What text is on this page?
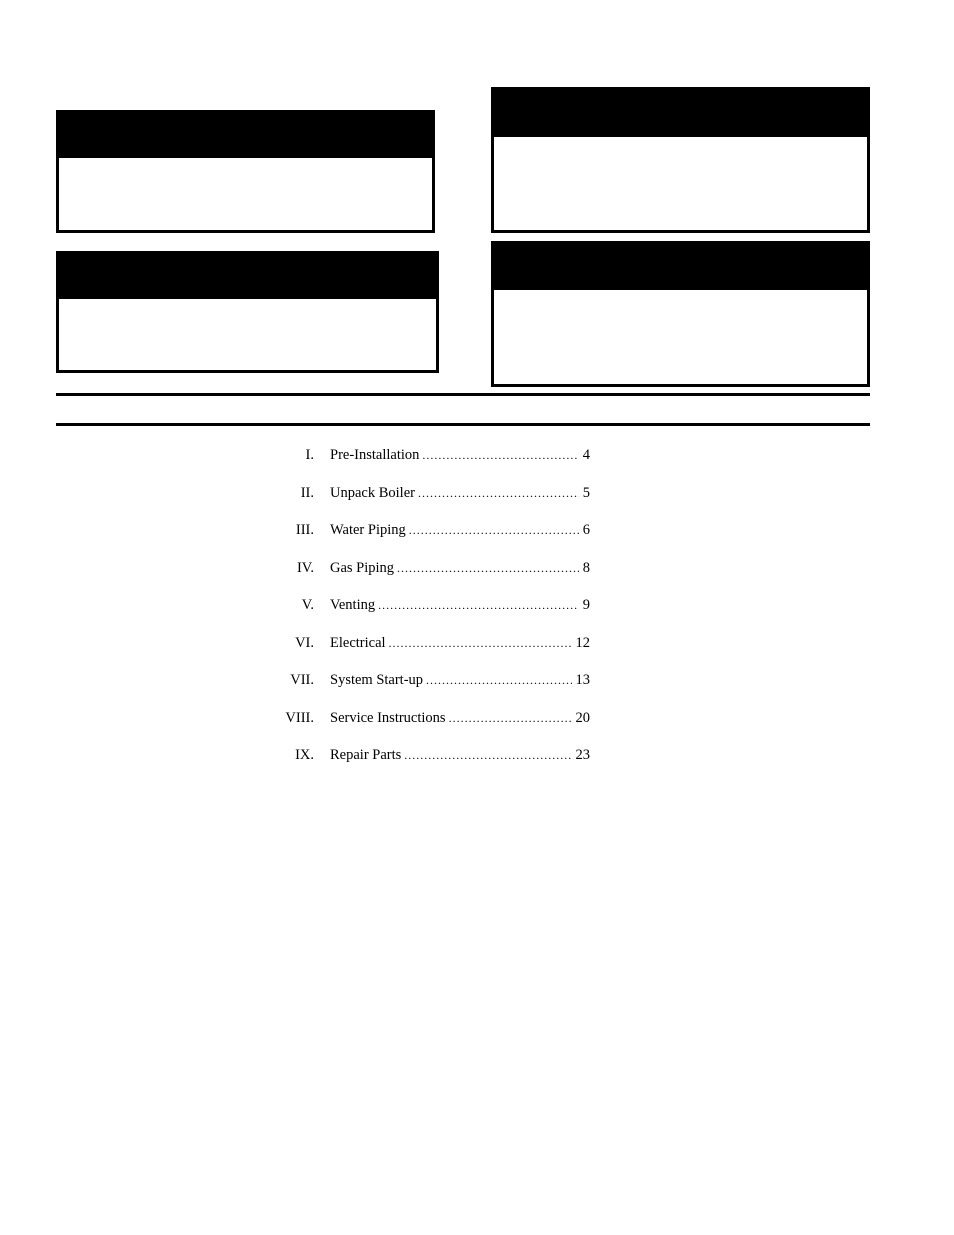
I. Pre-Installation .....	4
II. Unpack Boiler .....	5
III. Water Piping .....	6
IV. Gas Piping .....	8
V. Venting .....	9
VI. Electrical .....	12
VII. System Start-up .....	13
VIII. Service Instructions .....	20
IX. Repair Parts .....	23
